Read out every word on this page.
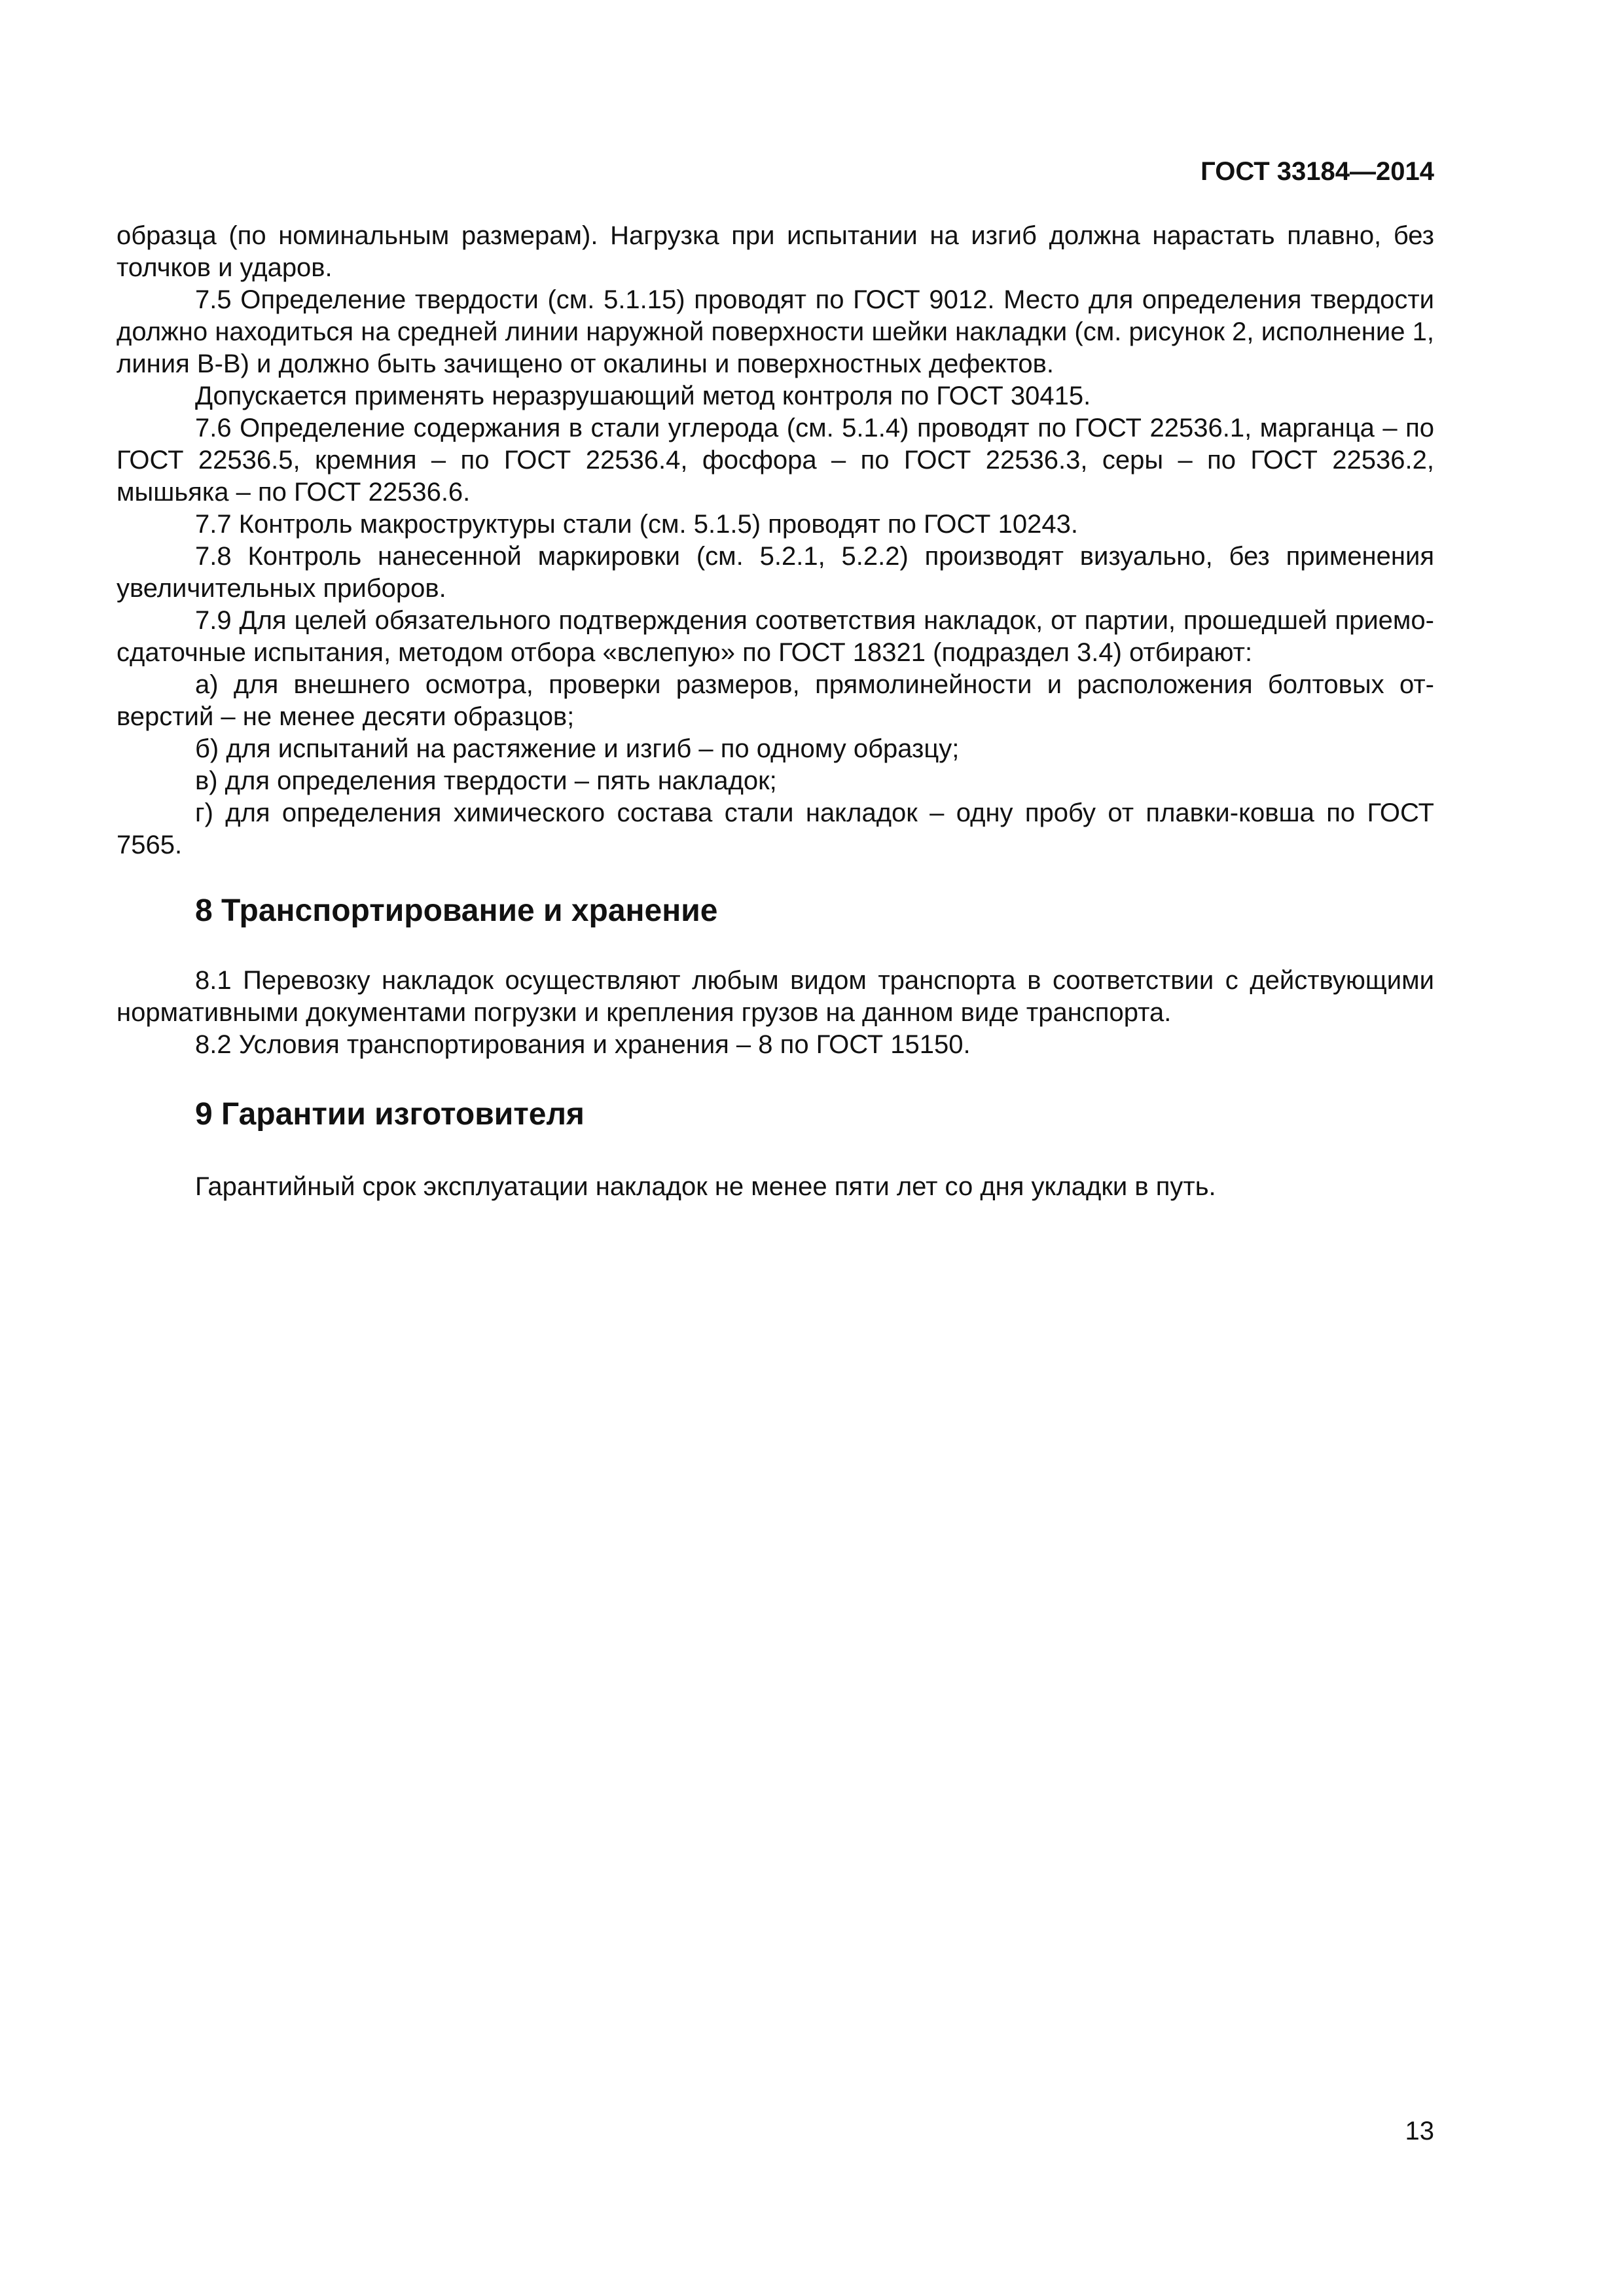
ГОСТ 33184—2014

образца (по номинальным размерам). Нагрузка при испытании на изгиб должна нарастать плавно, без толчков и ударов.

7.5 Определение твердости (см. 5.1.15) проводят по ГОСТ 9012. Место для определения твердости должно находиться на средней линии наружной поверхности шейки накладки (см. рисунок 2, исполнение 1, линия В-В) и должно быть зачищено от окалины и поверхностных дефектов.

Допускается применять неразрушающий метод контроля по ГОСТ 30415.

7.6 Определение содержания в стали углерода (см. 5.1.4) проводят по ГОСТ 22536.1, марганца – по ГОСТ 22536.5, кремния – по ГОСТ 22536.4, фосфора – по ГОСТ 22536.3, серы – по ГОСТ 22536.2, мышьяка – по ГОСТ 22536.6.

7.7 Контроль макроструктуры стали (см. 5.1.5) проводят по ГОСТ 10243.

7.8 Контроль нанесенной маркировки (см. 5.2.1, 5.2.2) производят визуально, без применения увеличительных приборов.

7.9 Для целей обязательного подтверждения соответствия накладок, от партии, прошедшей приемо-сдаточные испытания, методом отбора «вслепую» по ГОСТ 18321 (подраздел 3.4) отбирают:

а) для внешнего осмотра, проверки размеров, прямолинейности и расположения болтовых отверстий – не менее десяти образцов;

б) для испытаний на растяжение и изгиб – по одному образцу;

в) для определения твердости – пять накладок;

г) для определения химического состава стали накладок – одну пробу от плавки-ковша по ГОСТ 7565.

8 Транспортирование и хранение

8.1 Перевозку накладок осуществляют любым видом транспорта в соответствии с действующими нормативными документами погрузки и крепления грузов на данном виде транспорта.

8.2 Условия транспортирования и хранения – 8 по ГОСТ 15150.

9 Гарантии изготовителя

Гарантийный срок эксплуатации накладок не менее пяти лет со дня укладки в путь.

13
